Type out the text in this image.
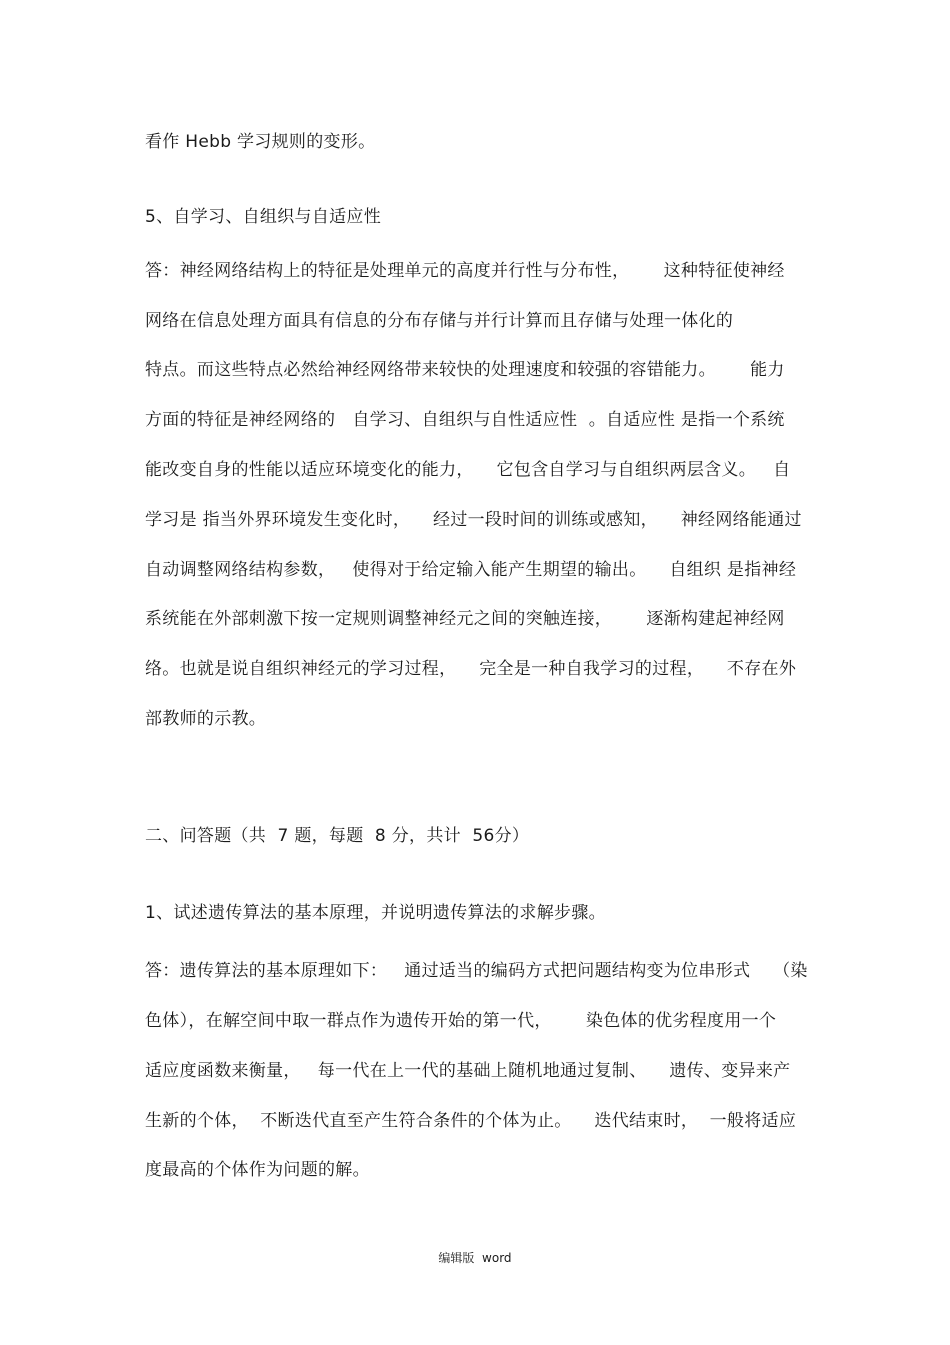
看作 Hebb 学习规则的变形。
5、自学习、自组织与自适应性
答：神经网络结构上的特征是处理单元的高度并行性与分布性，      这种特征使神经
网络在信息处理方面具有信息的分布存储与并行计算而且存储与处理一体化的
特点。而这些特点必然给神经网络带来较快的处理速度和较强的容错能力。      能力
方面的特征是神经网络的   自学习、自组织与自性适应性  。自适应性 是指一个系统
能改变自身的性能以适应环境变化的能力，    它包含自学习与自组织两层含义。   自
学习是 指当外界环境发生变化时，    经过一段时间的训练或感知，    神经网络能通过
自动调整网络结构参数，   使得对于给定输入能产生期望的输出。    自组织 是指神经
系统能在外部刺激下按一定规则调整神经元之间的突触连接，      逐渐构建起神经网
络。也就是说自组织神经元的学习过程，    完全是一种自我学习的过程，    不存在外
部教师的示教。
二、问答题（共  7 题，每题  8 分，共计  56分）
1、试述遗传算法的基本原理，并说明遗传算法的求解步骤。
答：遗传算法的基本原理如下：   通过适当的编码方式把问题结构变为位串形式    （染
色体），在解空间中取一群点作为遗传开始的第一代，      染色体的优劣程度用一个
适应度函数来衡量，   每一代在上一代的基础上随机地通过复制、    遗传、变异来产
生新的个体，  不断迭代直至产生符合条件的个体为止。    迭代结束时，  一般将适应
度最高的个体作为问题的解。
编辑版  word
